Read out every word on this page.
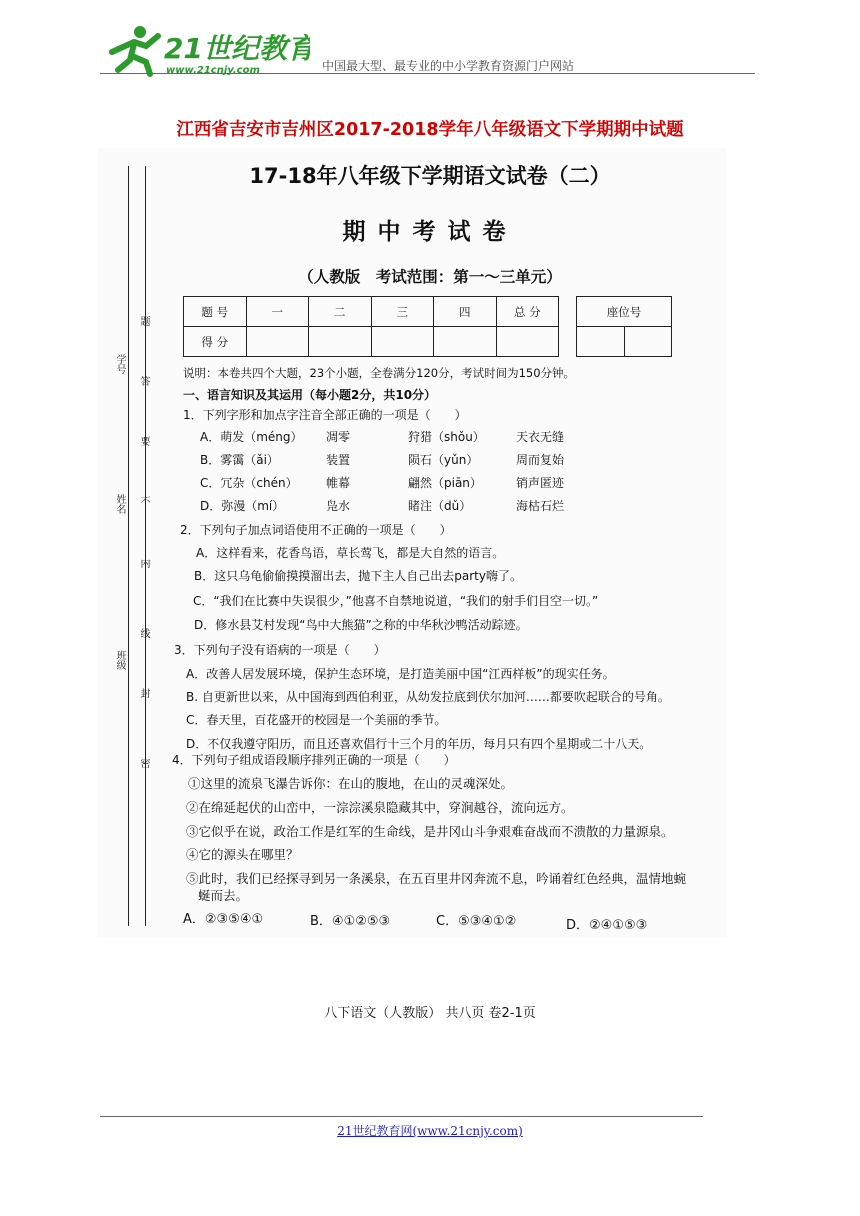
21世纪教育
www.21cnjy.com	中国最大型、最专业的中小学教育资源门户网站
江西省吉安市吉州区2017-2018学年八年级语文下学期期中试题
题
答
要
不
内
线
封
密
学号
姓名
班级
17-18年八年级下学期语文试卷（二）
期中考试卷
（人教版　考试范围：第一～三单元）
题 号	一	二	三	四	总 分
得 分					
座位号

说明：本卷共四个大题，23个小题，全卷满分120分，考试时间为150分钟。
一、语言知识及其运用（每小题2分，共10分）
1．下列字形和加点字注音全部正确的一项是（　　）
A．萌发（méng） 凋零	狩猎（shǒu）	天衣无缝
B．雾霭（ǎi）	装置	陨石（yǔn）	周而复始
C．冗杂（chén） 帷幕	翩然（piān）	销声匿迹
D．弥漫（mí）	凫水	睹注（dǔ）	海枯石烂
2．下列句子加点词语使用不正确的一项是（　　）
A．这样看来，花香鸟语，草长莺飞，都是大自然的语言。
B．这只乌龟偷偷摸摸溜出去，抛下主人自己出去party嗨了。
C．“我们在比赛中失误很少，”他喜不自禁地说道，“我们的射手们目空一切。”
D．修水县艾村发现“鸟中大熊猫”之称的中华秋沙鸭活动踪迹。
3．下列句子没有语病的一项是（　　）
A．改善人居发展环境，保护生态环境，是打造美丽中国“江西样板”的现实任务。
B. 自更新世以来，从中国海到西伯利亚，从幼发拉底到伏尔加河……都要吹起联合的号角。
C．春天里，百花盛开的校园是一个美丽的季节。
D．不仅我遵守阳历，而且还喜欢倡行十三个月的年历，每月只有四个星期或二十八天。
4．下列句子组成语段顺序排列正确的一项是（　　）
①这里的流泉飞瀑告诉你：在山的腹地，在山的灵魂深处。
②在绵延起伏的山峦中，一淙淙溪泉隐藏其中，穿涧越谷，流向远方。
③它似乎在说，政治工作是红军的生命线，是井冈山斗争艰难奋战而不溃散的力量源泉。
④它的源头在哪里？
⑤此时，我们已经探寻到另一条溪泉，在五百里井冈奔流不息，吟诵着红色经典，温情地蜿
蜒而去。
A．②③⑤④①	B．④①②⑤③	C．⑤③④①②	D．②④①⑤③
八下语文（人教版） 共八页 卷2-1页
21世纪教育网(www.21cnjy.com)
